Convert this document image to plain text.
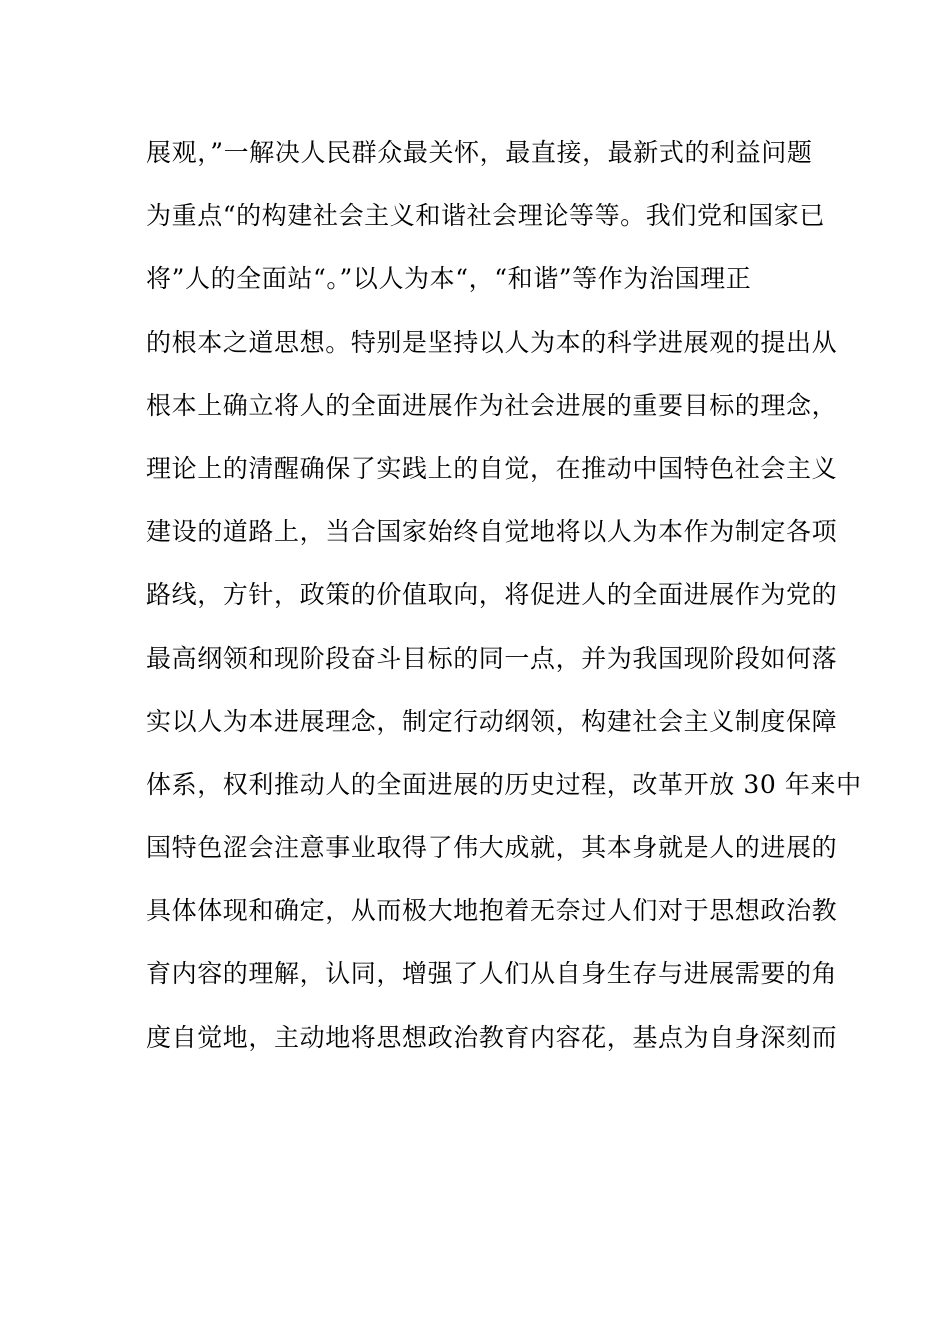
展观，”一解决人民群众最关怀，最直接，最新式的利益问题
为重点“的构建社会主义和谐社会理论等等。我们党和国家已
将”人的全面站“。”以人为本“，“和谐”等作为治国理正
的根本之道思想。特别是坚持以人为本的科学进展观的提出从
根本上确立将人的全面进展作为社会进展的重要目标的理念，
理论上的清醒确保了实践上的自觉，在推动中国特色社会主义
建设的道路上，当合国家始终自觉地将以人为本作为制定各项
路线，方针，政策的价值取向，将促进人的全面进展作为党的
最高纲领和现阶段奋斗目标的同一点，并为我国现阶段如何落
实以人为本进展理念，制定行动纲领，构建社会主义制度保障
体系，权利推动人的全面进展的历史过程，改革开放 30 年来中
国特色涩会注意事业取得了伟大成就，其本身就是人的进展的
具体体现和确定，从而极大地抱着无奈过人们对于思想政治教
育内容的理解，认同，增强了人们从自身生存与进展需要的角
度自觉地，主动地将思想政治教育内容花，基点为自身深刻而
